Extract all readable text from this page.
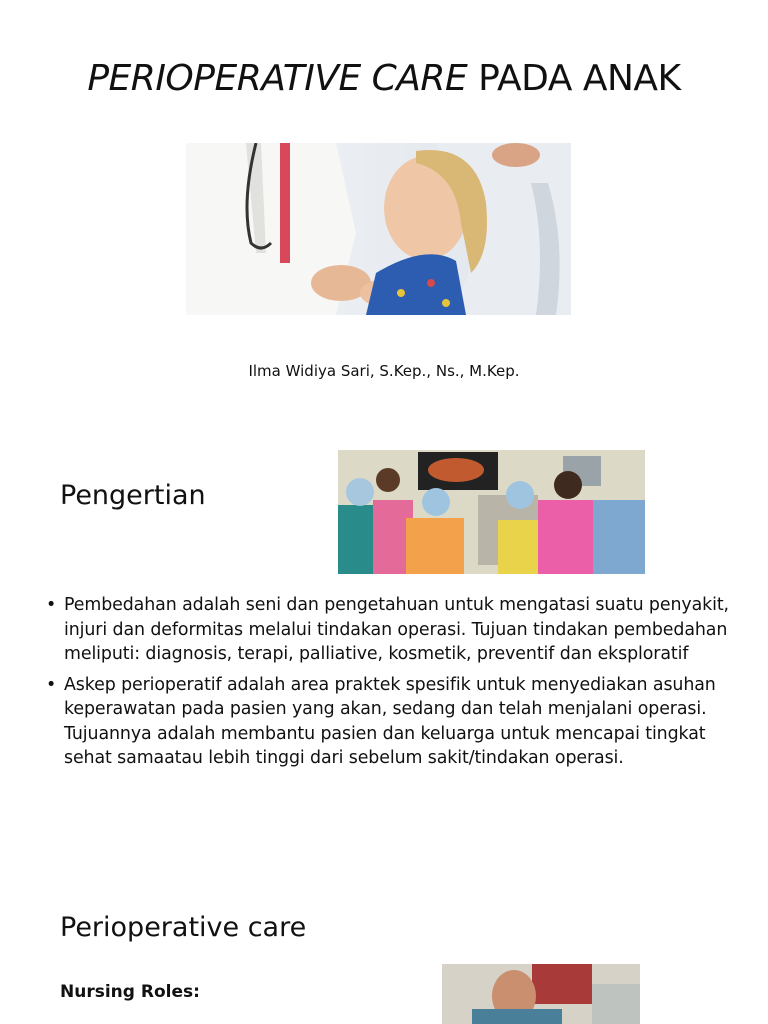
PERIOPERATIVE CARE PADA ANAK
Ilma Widiya Sari, S.Kep., Ns., M.Kep.
Pengertian
• Pembedahan adalah seni dan pengetahuan untuk mengatasi suatu penyakit, injuri dan deformitas melalui tindakan operasi. Tujuan tindakan pembedahan meliputi: diagnosis, terapi, palliative, kosmetik, preventif dan eksploratif
• Askep perioperatif adalah area praktek spesifik untuk menyediakan asuhan keperawatan pada pasien yang akan, sedang dan telah menjalani operasi. Tujuannya adalah membantu pasien dan keluarga untuk mencapai tingkat sehat samaatau lebih tinggi dari sebelum sakit/tindakan operasi.
Perioperative care
Nursing Roles:
